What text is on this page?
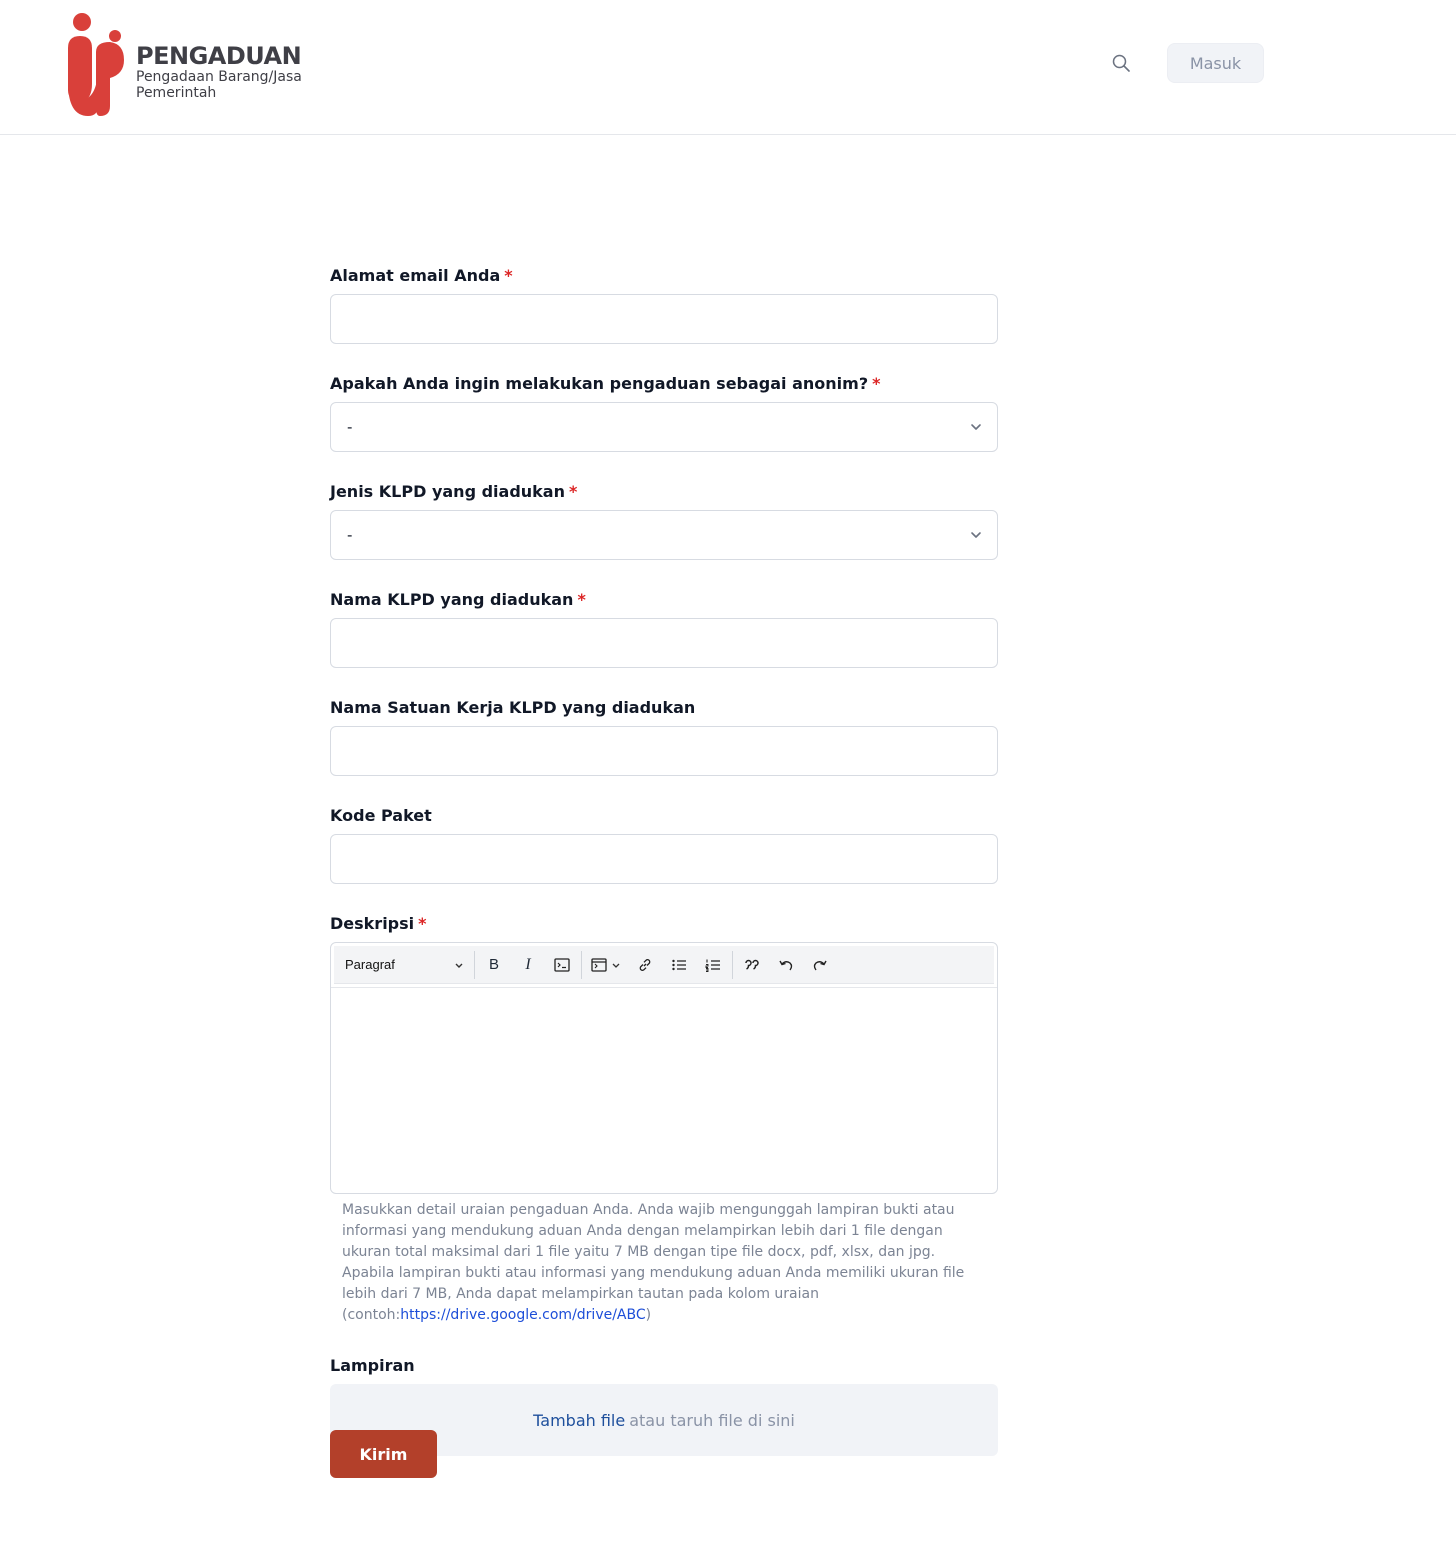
PENGADUAN
Pengadaan Barang/Jasa Pemerintah
Masuk
Alamat email Anda *
Apakah Anda ingin melakukan pengaduan sebagai anonim? *
-
Jenis KLPD yang diadukan *
-
Nama KLPD yang diadukan *
Nama Satuan Kerja KLPD yang diadukan
Kode Paket
Deskripsi *
Paragraf	B I
Masukkan detail uraian pengaduan Anda. Anda wajib mengunggah lampiran bukti atau informasi yang mendukung aduan Anda dengan melampirkan lebih dari 1 file dengan ukuran total maksimal dari 1 file yaitu 7 MB dengan tipe file docx, pdf, xlsx, dan jpg. Apabila lampiran bukti atau informasi yang mendukung aduan Anda memiliki ukuran file lebih dari 7 MB, Anda dapat melampirkan tautan pada kolom uraian (contoh:https://drive.google.com/drive/ABC)
Lampiran
Tambah file atau taruh file di sini
Kirim
